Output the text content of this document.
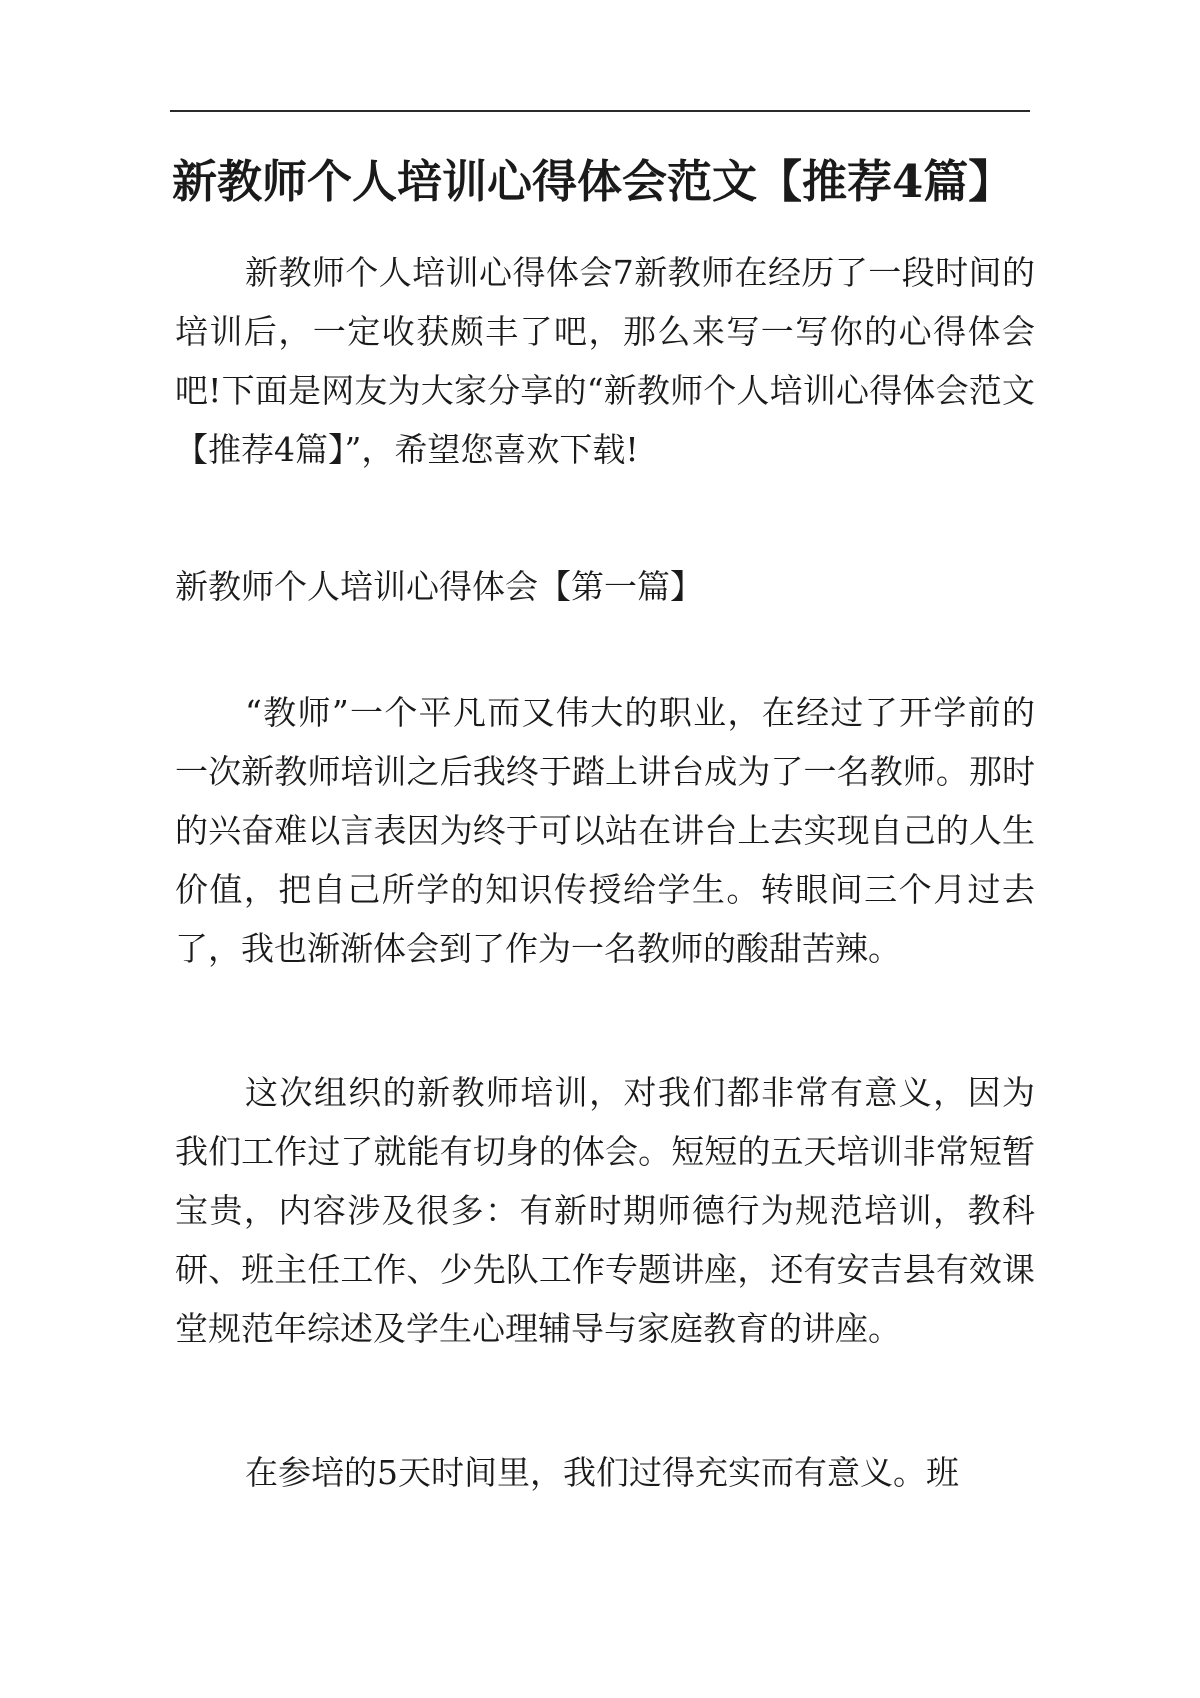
新教师个人培训心得体会范文【推荐4篇】

新教师个人培训心得体会7新教师在经历了一段时间的培训后，一定收获颇丰了吧，那么来写一写你的心得体会吧!下面是网友为大家分享的“新教师个人培训心得体会范文【推荐4篇】”，希望您喜欢下载!

新教师个人培训心得体会【第一篇】

“教师”一个平凡而又伟大的职业，在经过了开学前的一次新教师培训之后我终于踏上讲台成为了一名教师。那时的兴奋难以言表因为终于可以站在讲台上去实现自己的人生价值，把自己所学的知识传授给学生。转眼间三个月过去了，我也渐渐体会到了作为一名教师的酸甜苦辣。

这次组织的新教师培训，对我们都非常有意义，因为我们工作过了就能有切身的体会。短短的五天培训非常短暂宝贵，内容涉及很多：有新时期师德行为规范培训，教科研、班主任工作、少先队工作专题讲座，还有安吉县有效课堂规范年综述及学生心理辅导与家庭教育的讲座。

在参培的5天时间里，我们过得充实而有意义。班
